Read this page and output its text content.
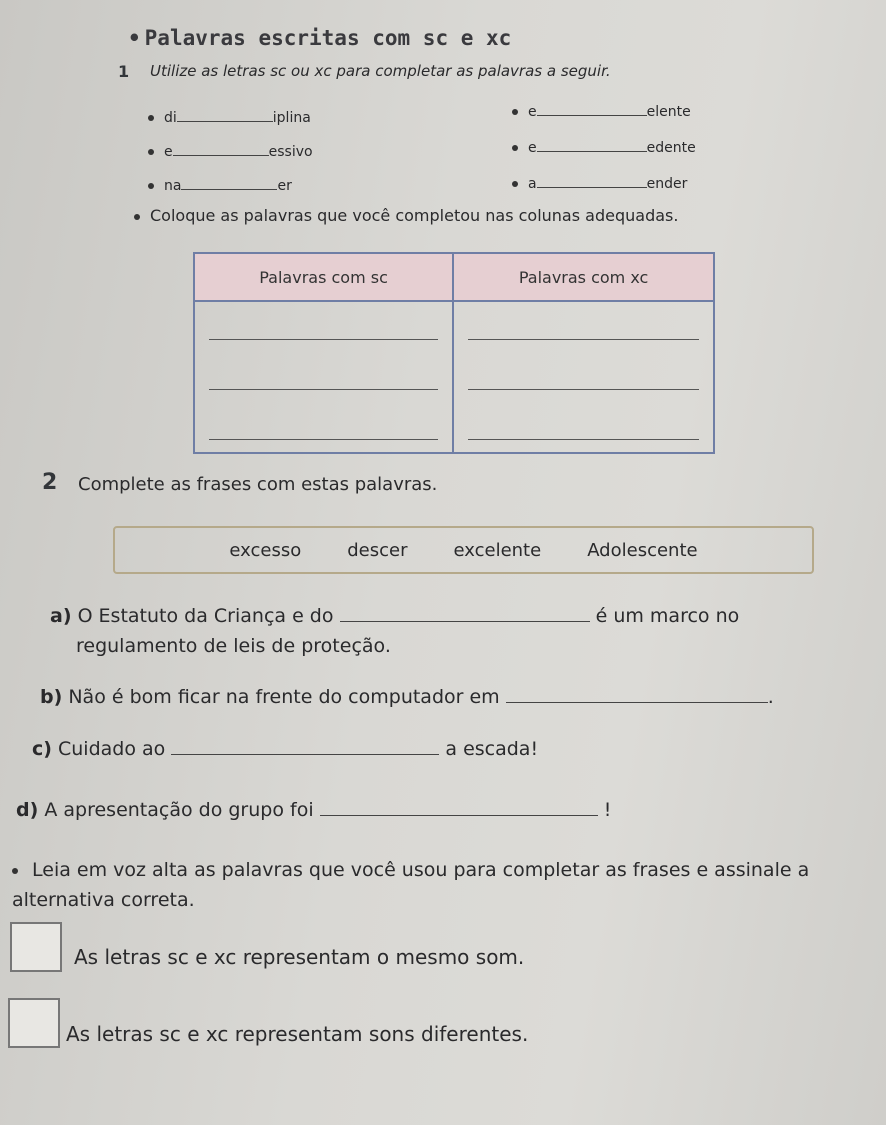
• Palavras escritas com sc e xc
1 Utilize as letras sc ou xc para completar as palavras a seguir.
di	iplina
e	essivo
na	er
e	elente
e	edente
a	ender
Coloque as palavras que você completou nas colunas adequadas.
Palavras com sc	Palavras com xc

2 Complete as frases com estas palavras.
excesso	descer	excelente	Adolescente
a) O Estatuto da Criança e do	é um marco no
regulamento de leis de proteção.
b) Não é bom ficar na frente do computador em	.
c) Cuidado ao	a escada!
d) A apresentação do grupo foi	!
Leia em voz alta as palavras que você usou para completar as frases e assinale a alternativa correta.
As letras sc e xc representam o mesmo som.
As letras sc e xc representam sons diferentes.
